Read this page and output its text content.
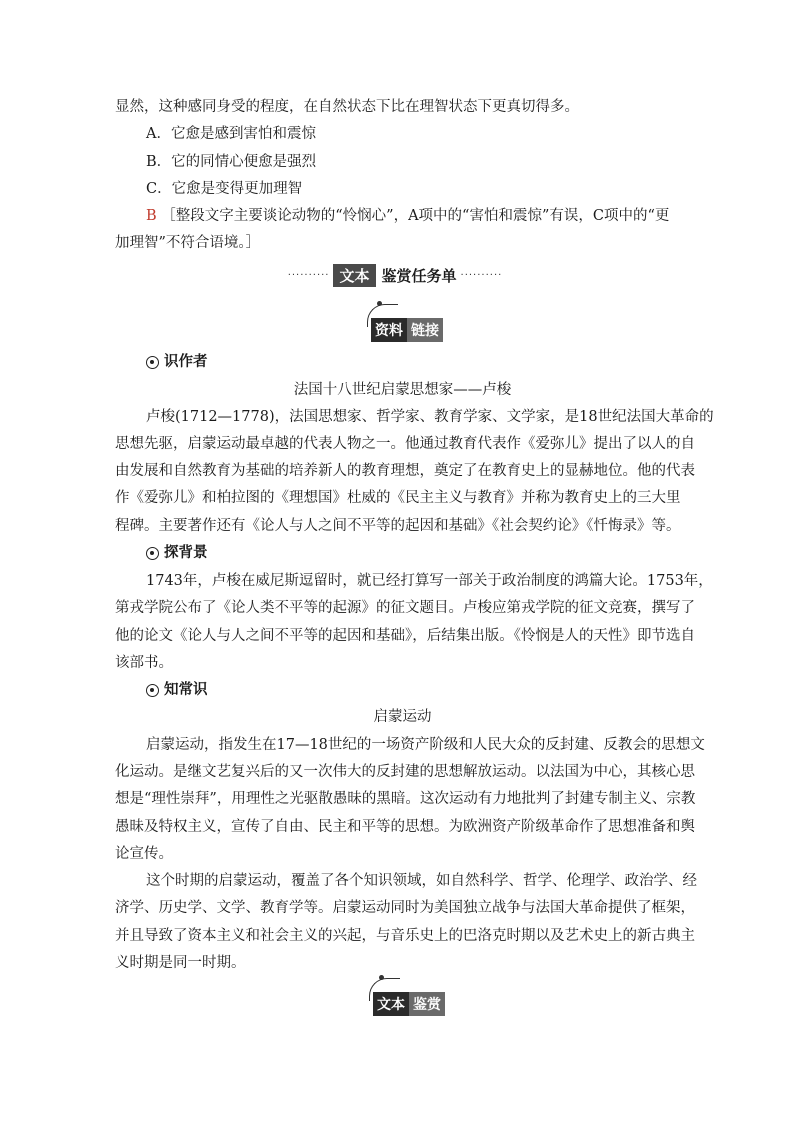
显然，这种感同身受的程度，在自然状态下比在理智状态下更真切得多。
A．它愈是感到害怕和震惊
B．它的同情心便愈是强烈
C．它愈是变得更加理智
B ［整段文字主要谈论动物的“怜悯心”，A项中的“害怕和震惊”有误，C项中的“更
加理智”不符合语境。］
·········· 文本 鉴赏任务单 ··········
资料 链接
识作者
法国十八世纪启蒙思想家——卢梭
卢梭(1712—1778)，法国思想家、哲学家、教育学家、文学家，是18世纪法国大革命的
思想先驱，启蒙运动最卓越的代表人物之一。他通过教育代表作《爱弥儿》提出了以人的自
由发展和自然教育为基础的培养新人的教育理想，奠定了在教育史上的显赫地位。他的代表
作《爱弥儿》和柏拉图的《理想国》杜威的《民主主义与教育》并称为教育史上的三大里
程碑。主要著作还有《论人与人之间不平等的起因和基础》《社会契约论》《忏悔录》等。
探背景
1743年，卢梭在威尼斯逗留时，就已经打算写一部关于政治制度的鸿篇大论。1753年，
第戎学院公布了《论人类不平等的起源》的征文题目。卢梭应第戎学院的征文竞赛，撰写了
他的论文《论人与人之间不平等的起因和基础》，后结集出版。《怜悯是人的天性》即节选自
该部书。
知常识
启蒙运动
启蒙运动，指发生在17—18世纪的一场资产阶级和人民大众的反封建、反教会的思想文
化运动。是继文艺复兴后的又一次伟大的反封建的思想解放运动。以法国为中心，其核心思
想是“理性崇拜”，用理性之光驱散愚昧的黑暗。这次运动有力地批判了封建专制主义、宗教
愚昧及特权主义，宣传了自由、民主和平等的思想。为欧洲资产阶级革命作了思想准备和舆
论宣传。
这个时期的启蒙运动，覆盖了各个知识领域，如自然科学、哲学、伦理学、政治学、经
济学、历史学、文学、教育学等。启蒙运动同时为美国独立战争与法国大革命提供了框架，
并且导致了资本主义和社会主义的兴起，与音乐史上的巴洛克时期以及艺术史上的新古典主
义时期是同一时期。
文本 鉴赏
